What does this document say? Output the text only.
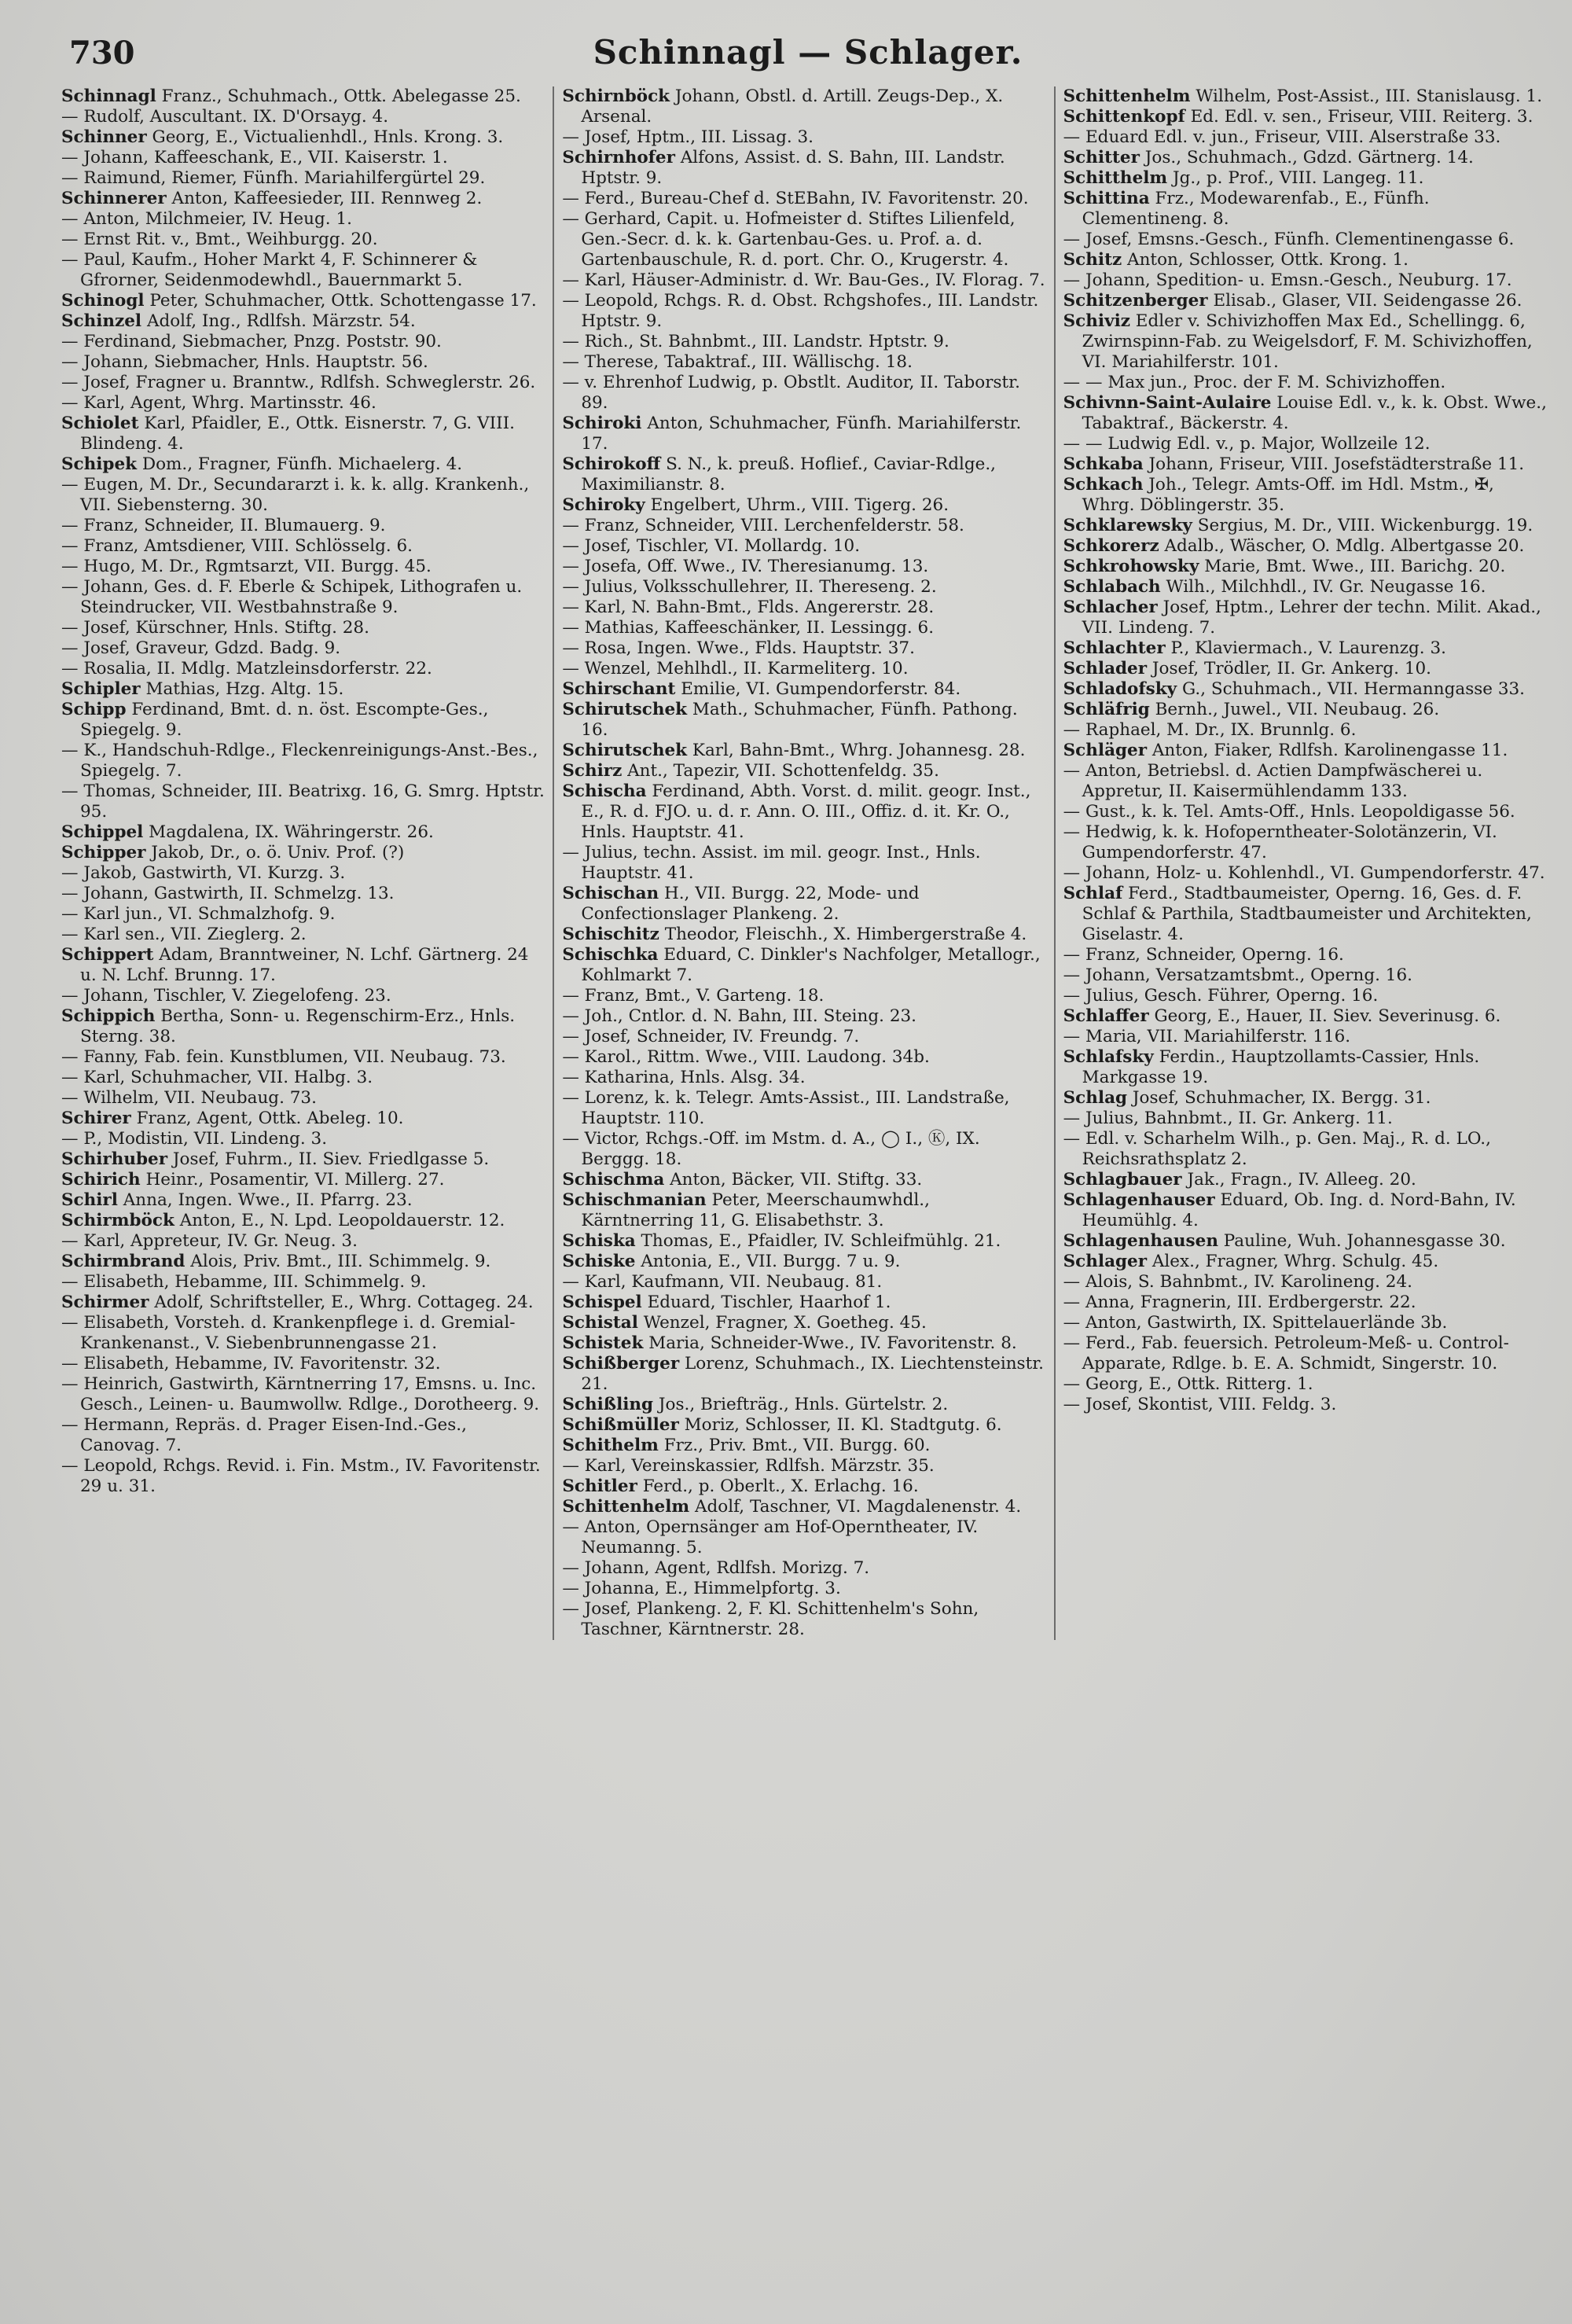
730	Schinnagl — Schlager.

Schinnagl Franz., Schuhmach., Ottk. Abelegasse 25.

— Rudolf, Auscultant. IX. D'Orsayg. 4.

Schinner Georg, E., Victualienhdl., Hnls. Krong. 3.

— Johann, Kaffeeschank, E., VII. Kaiserstr. 1.

— Raimund, Riemer, Fünfh. Mariahilfergürtel 29.

Schinnerer Anton, Kaffeesieder, III. Rennweg 2.

— Anton, Milchmeier, IV. Heug. 1.

— Ernst Rit. v., Bmt., Weihburgg. 20.

— Paul, Kaufm., Hoher Markt 4, F. Schinnerer & Gfrorner, Seidenmodewhdl., Bauernmarkt 5.

Schinogl Peter, Schuhmacher, Ottk. Schottengasse 17.

Schinzel Adolf, Ing., Rdlfsh. Märzstr. 54.

— Ferdinand, Siebmacher, Pnzg. Poststr. 90.

— Johann, Siebmacher, Hnls. Hauptstr. 56.

— Josef, Fragner u. Branntw., Rdlfsh. Schweglerstr. 26.

— Karl, Agent, Whrg. Martinsstr. 46.

Schiolet Karl, Pfaidler, E., Ottk. Eisnerstr. 7, G. VIII. Blindeng. 4.

Schipek Dom., Fragner, Fünfh. Michaelerg. 4.

— Eugen, M. Dr., Secundararzt i. k. k. allg. Krankenh., VII. Siebensterng. 30.

— Franz, Schneider, II. Blumauerg. 9.

— Franz, Amtsdiener, VIII. Schlösselg. 6.

— Hugo, M. Dr., Rgmtsarzt, VII. Burgg. 45.

— Johann, Ges. d. F. Eberle & Schipek, Lithografen u. Steindrucker, VII. Westbahnstraße 9.

— Josef, Kürschner, Hnls. Stiftg. 28.

— Josef, Graveur, Gdzd. Badg. 9.

— Rosalia, II. Mdlg. Matzleinsdorferstr. 22.

Schipler Mathias, Hzg. Altg. 15.

Schipp Ferdinand, Bmt. d. n. öst. Escompte-Ges., Spiegelg. 9.

— K., Handschuh-Rdlge., Fleckenreinigungs-Anst.-Bes., Spiegelg. 7.

— Thomas, Schneider, III. Beatrixg. 16, G. Smrg. Hptstr. 95.

Schippel Magdalena, IX. Währingerstr. 26.

Schipper Jakob, Dr., o. ö. Univ. Prof. (?)

— Jakob, Gastwirth, VI. Kurzg. 3.

— Johann, Gastwirth, II. Schmelzg. 13.

— Karl jun., VI. Schmalzhofg. 9.

— Karl sen., VII. Zieglerg. 2.

Schippert Adam, Branntweiner, N. Lchf. Gärtnerg. 24 u. N. Lchf. Brunng. 17.

— Johann, Tischler, V. Ziegelofeng. 23.

Schippich Bertha, Sonn- u. Regenschirm-Erz., Hnls. Sterng. 38.

— Fanny, Fab. fein. Kunstblumen, VII. Neubaug. 73.

— Karl, Schuhmacher, VII. Halbg. 3.

— Wilhelm, VII. Neubaug. 73.

Schirer Franz, Agent, Ottk. Abeleg. 10.

— P., Modistin, VII. Lindeng. 3.

Schirhuber Josef, Fuhrm., II. Siev. Friedlgasse 5.

Schirich Heinr., Posamentir, VI. Millerg. 27.

Schirl Anna, Ingen. Wwe., II. Pfarrg. 23.

Schirmböck Anton, E., N. Lpd. Leopoldauerstr. 12.

— Karl, Appreteur, IV. Gr. Neug. 3.

Schirmbrand Alois, Priv. Bmt., III. Schimmelg. 9.

— Elisabeth, Hebamme, III. Schimmelg. 9.

Schirmer Adolf, Schriftsteller, E., Whrg. Cottageg. 24.

— Elisabeth, Vorsteh. d. Krankenpflege i. d. Gremial-Krankenanst., V. Siebenbrunnengasse 21.

— Elisabeth, Hebamme, IV. Favoritenstr. 32.

— Heinrich, Gastwirth, Kärntnerring 17, Emsns. u. Inc. Gesch., Leinen- u. Baumwollw. Rdlge., Dorotheerg. 9.

— Hermann, Repräs. d. Prager Eisen-Ind.-Ges., Canovag. 7.

— Leopold, Rchgs. Revid. i. Fin. Mstm., IV. Favoritenstr. 29 u. 31.

Schirnböck Johann, Obstl. d. Artill. Zeugs-Dep., X. Arsenal.

— Josef, Hptm., III. Lissag. 3.

Schirnhofer Alfons, Assist. d. S. Bahn, III. Landstr. Hptstr. 9.

— Ferd., Bureau-Chef d. StEBahn, IV. Favoritenstr. 20.

— Gerhard, Capit. u. Hofmeister d. Stiftes Lilienfeld, Gen.-Secr. d. k. k. Gartenbau-Ges. u. Prof. a. d. Gartenbauschule, R. d. port. Chr. O., Krugerstr. 4.

— Karl, Häuser-Administr. d. Wr. Bau-Ges., IV. Florag. 7.

— Leopold, Rchgs. R. d. Obst. Rchgshofes., III. Landstr. Hptstr. 9.

— Rich., St. Bahnbmt., III. Landstr. Hptstr. 9.

— Therese, Tabaktraf., III. Wällischg. 18.

— v. Ehrenhof Ludwig, p. Obstlt. Auditor, II. Taborstr. 89.

Schiroki Anton, Schuhmacher, Fünfh. Mariahilferstr. 17.

Schirokoff S. N., k. preuß. Hoflief., Caviar-Rdlge., Maximilianstr. 8.

Schiroky Engelbert, Uhrm., VIII. Tigerg. 26.

— Franz, Schneider, VIII. Lerchenfelderstr. 58.

— Josef, Tischler, VI. Mollardg. 10.

— Josefa, Off. Wwe., IV. Theresianumg. 13.

— Julius, Volksschullehrer, II. Thereseng. 2.

— Karl, N. Bahn-Bmt., Flds. Angererstr. 28.

— Mathias, Kaffeeschänker, II. Lessingg. 6.

— Rosa, Ingen. Wwe., Flds. Hauptstr. 37.

— Wenzel, Mehlhdl., II. Karmeliterg. 10.

Schirschant Emilie, VI. Gumpendorferstr. 84.

Schirutschek Math., Schuhmacher, Fünfh. Pathong. 16.

Schirutschek Karl, Bahn-Bmt., Whrg. Johannesg. 28.

Schirz Ant., Tapezir, VII. Schottenfeldg. 35.

Schischa Ferdinand, Abth. Vorst. d. milit. geogr. Inst., E., R. d. FJO. u. d. r. Ann. O. III., Offiz. d. it. Kr. O., Hnls. Hauptstr. 41.

— Julius, techn. Assist. im mil. geogr. Inst., Hnls. Hauptstr. 41.

Schischan H., VII. Burgg. 22, Mode- und Confectionslager Plankeng. 2.

Schischitz Theodor, Fleischh., X. Himbergerstraße 4.

Schischka Eduard, C. Dinkler's Nachfolger, Metallogr., Kohlmarkt 7.

— Franz, Bmt., V. Garteng. 18.

— Joh., Cntlor. d. N. Bahn, III. Steing. 23.

— Josef, Schneider, IV. Freundg. 7.

— Karol., Rittm. Wwe., VIII. Laudong. 34b.

— Katharina, Hnls. Alsg. 34.

— Lorenz, k. k. Telegr. Amts-Assist., III. Landstraße, Hauptstr. 110.

— Victor, Rchgs.-Off. im Mstm. d. A., ◯ I., Ⓚ, IX. Berggg. 18.

Schischma Anton, Bäcker, VII. Stiftg. 33.

Schischmanian Peter, Meerschaumwhdl., Kärntnerring 11, G. Elisabethstr. 3.

Schiska Thomas, E., Pfaidler, IV. Schleifmühlg. 21.

Schiske Antonia, E., VII. Burgg. 7 u. 9.

— Karl, Kaufmann, VII. Neubaug. 81.

Schispel Eduard, Tischler, Haarhof 1.

Schistal Wenzel, Fragner, X. Goetheg. 45.

Schistek Maria, Schneider-Wwe., IV. Favoritenstr. 8.

Schißberger Lorenz, Schuhmach., IX. Liechtensteinstr. 21.

Schißling Jos., Briefträg., Hnls. Gürtelstr. 2.

Schißmüller Moriz, Schlosser, II. Kl. Stadtgutg. 6.

Schithelm Frz., Priv. Bmt., VII. Burgg. 60.

— Karl, Vereinskassier, Rdlfsh. Märzstr. 35.

Schitler Ferd., p. Oberlt., X. Erlachg. 16.

Schittenhelm Adolf, Taschner, VI. Magdalenenstr. 4.

— Anton, Opernsänger am Hof-Operntheater, IV. Neumanng. 5.

— Johann, Agent, Rdlfsh. Morizg. 7.

— Johanna, E., Himmelpfortg. 3.

— Josef, Plankeng. 2, F. Kl. Schittenhelm's Sohn, Taschner, Kärntnerstr. 28.

Schittenhelm Wilhelm, Post-Assist., III. Stanislausg. 1.

Schittenkopf Ed. Edl. v. sen., Friseur, VIII. Reiterg. 3.

— Eduard Edl. v. jun., Friseur, VIII. Alserstraße 33.

Schitter Jos., Schuhmach., Gdzd. Gärtnerg. 14.

Schitthelm Jg., p. Prof., VIII. Langeg. 11.

Schittina Frz., Modewarenfab., E., Fünfh. Clementineng. 8.

— Josef, Emsns.-Gesch., Fünfh. Clementinengasse 6.

Schitz Anton, Schlosser, Ottk. Krong. 1.

— Johann, Spedition- u. Emsn.-Gesch., Neuburg. 17.

Schitzenberger Elisab., Glaser, VII. Seidengasse 26.

Schiviz Edler v. Schivizhoffen Max Ed., Schellingg. 6, Zwirnspinn-Fab. zu Weigelsdorf, F. M. Schivizhoffen, VI. Mariahilferstr. 101.

— — Max jun., Proc. der F. M. Schivizhoffen.

Schivnn-Saint-Aulaire Louise Edl. v., k. k. Obst. Wwe., Tabaktraf., Bäckerstr. 4.

— — Ludwig Edl. v., p. Major, Wollzeile 12.

Schkaba Johann, Friseur, VIII. Josefstädterstraße 11.

Schkach Joh., Telegr. Amts-Off. im Hdl. Mstm., ✠, Whrg. Döblingerstr. 35.

Schklarewsky Sergius, M. Dr., VIII. Wickenburgg. 19.

Schkorerz Adalb., Wäscher, O. Mdlg. Albertgasse 20.

Schkrohowsky Marie, Bmt. Wwe., III. Barichg. 20.

Schlabach Wilh., Milchhdl., IV. Gr. Neugasse 16.

Schlacher Josef, Hptm., Lehrer der techn. Milit. Akad., VII. Lindeng. 7.

Schlachter P., Klaviermach., V. Laurenzg. 3.

Schlader Josef, Trödler, II. Gr. Ankerg. 10.

Schladofsky G., Schuhmach., VII. Hermanngasse 33.

Schläfrig Bernh., Juwel., VII. Neubaug. 26.

— Raphael, M. Dr., IX. Brunnlg. 6.

Schläger Anton, Fiaker, Rdlfsh. Karolinengasse 11.

— Anton, Betriebsl. d. Actien Dampfwäscherei u. Appretur, II. Kaisermühlendamm 133.

— Gust., k. k. Tel. Amts-Off., Hnls. Leopoldigasse 56.

— Hedwig, k. k. Hofoperntheater-Solotänzerin, VI. Gumpendorferstr. 47.

— Johann, Holz- u. Kohlenhdl., VI. Gumpendorferstr. 47.

Schlaf Ferd., Stadtbaumeister, Operng. 16, Ges. d. F. Schlaf & Parthila, Stadtbaumeister und Architekten, Giselastr. 4.

— Franz, Schneider, Operng. 16.

— Johann, Versatzamtsbmt., Operng. 16.

— Julius, Gesch. Führer, Operng. 16.

Schlaffer Georg, E., Hauer, II. Siev. Severinusg. 6.

— Maria, VII. Mariahilferstr. 116.

Schlafsky Ferdin., Hauptzollamts-Cassier, Hnls. Markgasse 19.

Schlag Josef, Schuhmacher, IX. Bergg. 31.

— Julius, Bahnbmt., II. Gr. Ankerg. 11.

— Edl. v. Scharhelm Wilh., p. Gen. Maj., R. d. LO., Reichsrathsplatz 2.

Schlagbauer Jak., Fragn., IV. Alleeg. 20.

Schlagenhauser Eduard, Ob. Ing. d. Nord-Bahn, IV. Heumühlg. 4.

Schlagenhausen Pauline, Wuh. Johannesgasse 30.

Schlager Alex., Fragner, Whrg. Schulg. 45.

— Alois, S. Bahnbmt., IV. Karolineng. 24.

— Anna, Fragnerin, III. Erdbergerstr. 22.

— Anton, Gastwirth, IX. Spittelauerlände 3b.

— Ferd., Fab. feuersich. Petroleum-Meß- u. Control-Apparate, Rdlge. b. E. A. Schmidt, Singerstr. 10.

— Georg, E., Ottk. Ritterg. 1.

— Josef, Skontist, VIII. Feldg. 3.
